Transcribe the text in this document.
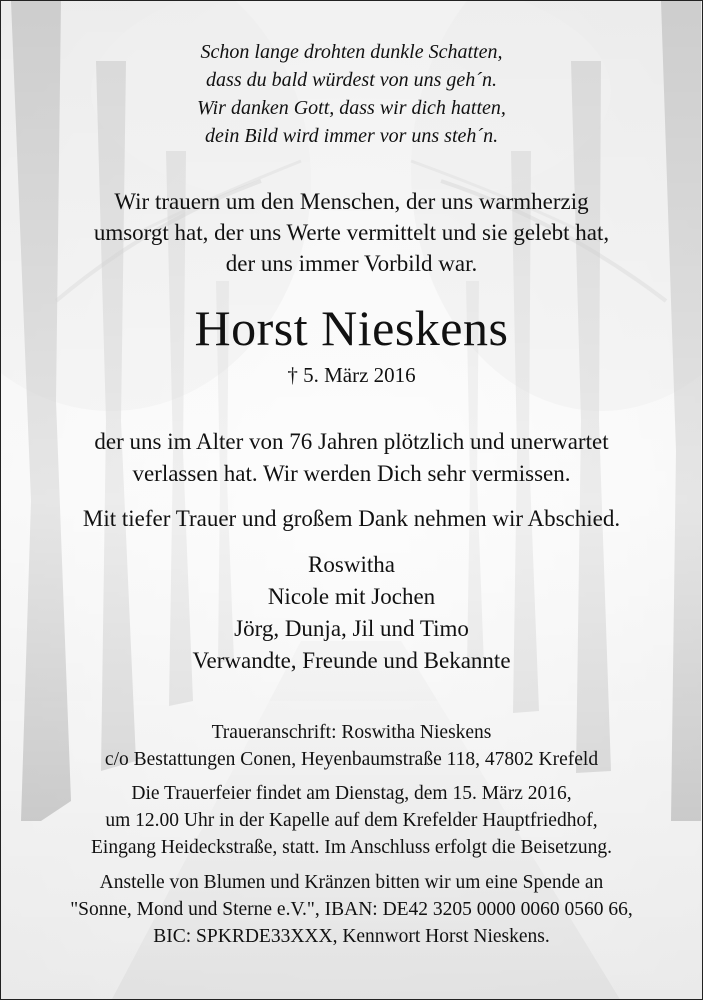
Schon lange drohten dunkle Schatten,
dass du bald würdest von uns geh´n.
Wir danken Gott, dass wir dich hatten,
dein Bild wird immer vor uns steh´n.
Wir trauern um den Menschen, der uns warmherzig
umsorgt hat, der uns Werte vermittelt und sie gelebt hat,
der uns immer Vorbild war.
Horst Nieskens
† 5. März 2016
der uns im Alter von 76 Jahren plötzlich und unerwartet
verlassen hat. Wir werden Dich sehr vermissen.
Mit tiefer Trauer und großem Dank nehmen wir Abschied.
Roswitha
Nicole mit Jochen
Jörg, Dunja, Jil und Timo
Verwandte, Freunde und Bekannte
Traueranschrift: Roswitha Nieskens
c/o Bestattungen Conen, Heyenbaumstraße 118, 47802 Krefeld
Die Trauerfeier findet am Dienstag, dem 15. März 2016,
um 12.00 Uhr in der Kapelle auf dem Krefelder Hauptfriedhof,
Eingang Heideckstraße, statt. Im Anschluss erfolgt die Beisetzung.
Anstelle von Blumen und Kränzen bitten wir um eine Spende an
"Sonne, Mond und Sterne e.V.", IBAN: DE42 3205 0000 0060 0560 66,
BIC: SPKRDE33XXX, Kennwort Horst Nieskens.
